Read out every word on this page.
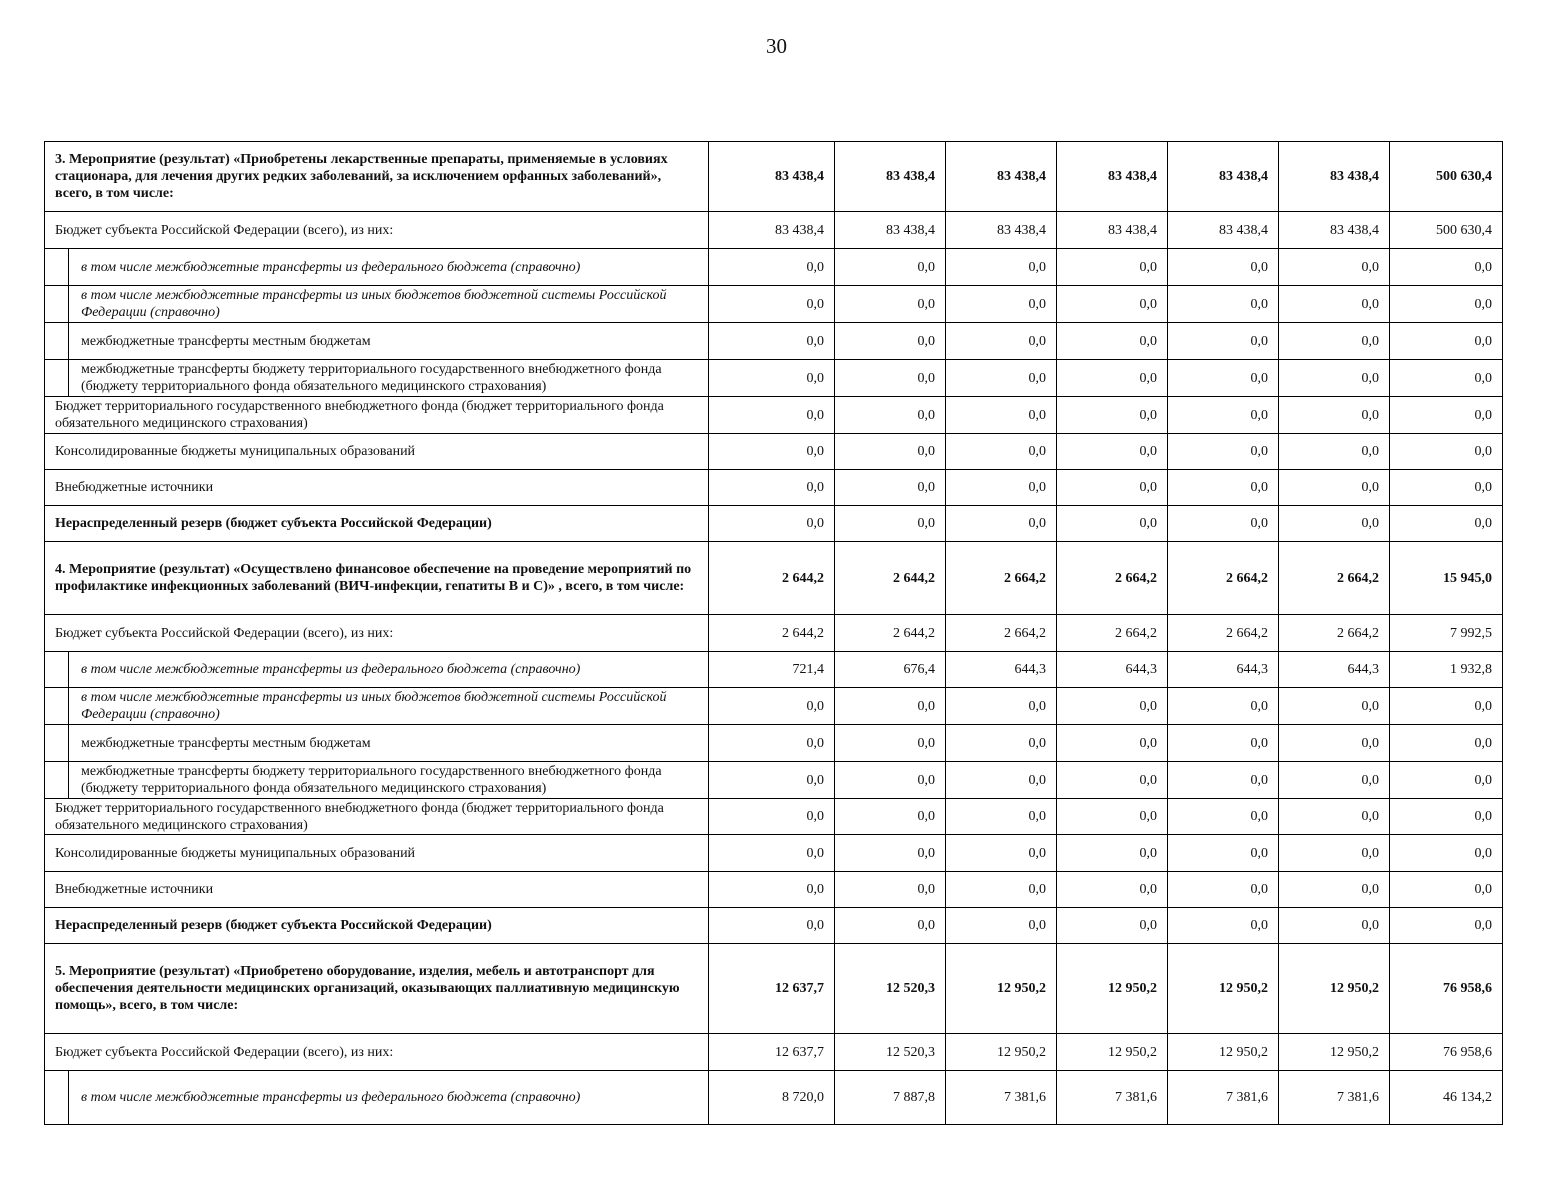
30
3. Мероприятие (результат) «Приобретены лекарственные препараты, применяемые в условиях стационара, для лечения других редких заболеваний, за исключением орфанных заболеваний», всего, в том числе:		83 438,4	83 438,4	83 438,4	83 438,4	83 438,4	83 438,4	500 630,4
Бюджет субъекта Российской Федерации (всего), из них:		83 438,4	83 438,4	83 438,4	83 438,4	83 438,4	83 438,4	500 630,4
	в том числе межбюджетные трансферты из федерального бюджета (справочно)	0,0	0,0	0,0	0,0	0,0	0,0	0,0
	в том числе межбюджетные трансферты из иных бюджетов бюджетной системы Российской Федерации (справочно)	0,0	0,0	0,0	0,0	0,0	0,0	0,0
	межбюджетные трансферты местным бюджетам	0,0	0,0	0,0	0,0	0,0	0,0	0,0
	межбюджетные трансферты бюджету территориального государственного внебюджетного фонда (бюджету территориального фонда обязательного медицинского страхования)	0,0	0,0	0,0	0,0	0,0	0,0	0,0
Бюджет территориального государственного внебюджетного фонда (бюджет территориального фонда обязательного медицинского страхования)		0,0	0,0	0,0	0,0	0,0	0,0	0,0
Консолидированные бюджеты муниципальных образований		0,0	0,0	0,0	0,0	0,0	0,0	0,0
Внебюджетные источники		0,0	0,0	0,0	0,0	0,0	0,0	0,0
Нераспределенный резерв (бюджет субъекта Российской Федерации)		0,0	0,0	0,0	0,0	0,0	0,0	0,0
4. Мероприятие (результат) «Осуществлено финансовое обеспечение на проведение мероприятий по профилактике инфекционных заболеваний (ВИЧ-инфекции, гепатиты В и С)» , всего, в том числе:		2 644,2	2 644,2	2 664,2	2 664,2	2 664,2	2 664,2	15 945,0
Бюджет субъекта Российской Федерации (всего), из них:		2 644,2	2 644,2	2 664,2	2 664,2	2 664,2	2 664,2	7 992,5
	в том числе межбюджетные трансферты из федерального бюджета (справочно)	721,4	676,4	644,3	644,3	644,3	644,3	1 932,8
	в том числе межбюджетные трансферты из иных бюджетов бюджетной системы Российской Федерации (справочно)	0,0	0,0	0,0	0,0	0,0	0,0	0,0
	межбюджетные трансферты местным бюджетам	0,0	0,0	0,0	0,0	0,0	0,0	0,0
	межбюджетные трансферты бюджету территориального государственного внебюджетного фонда (бюджету территориального фонда обязательного медицинского страхования)	0,0	0,0	0,0	0,0	0,0	0,0	0,0
Бюджет территориального государственного внебюджетного фонда (бюджет территориального фонда обязательного медицинского страхования)		0,0	0,0	0,0	0,0	0,0	0,0	0,0
Консолидированные бюджеты муниципальных образований		0,0	0,0	0,0	0,0	0,0	0,0	0,0
Внебюджетные источники		0,0	0,0	0,0	0,0	0,0	0,0	0,0
Нераспределенный резерв (бюджет субъекта Российской Федерации)		0,0	0,0	0,0	0,0	0,0	0,0	0,0
5. Мероприятие (результат) «Приобретено оборудование, изделия, мебель и автотранспорт для обеспечения деятельности медицинских организаций, оказывающих паллиативную медицинскую помощь», всего, в том числе:		12 637,7	12 520,3	12 950,2	12 950,2	12 950,2	12 950,2	76 958,6
Бюджет субъекта Российской Федерации (всего), из них:		12 637,7	12 520,3	12 950,2	12 950,2	12 950,2	12 950,2	76 958,6
	в том числе межбюджетные трансферты из федерального бюджета (справочно)	8 720,0	7 887,8	7 381,6	7 381,6	7 381,6	7 381,6	46 134,2
